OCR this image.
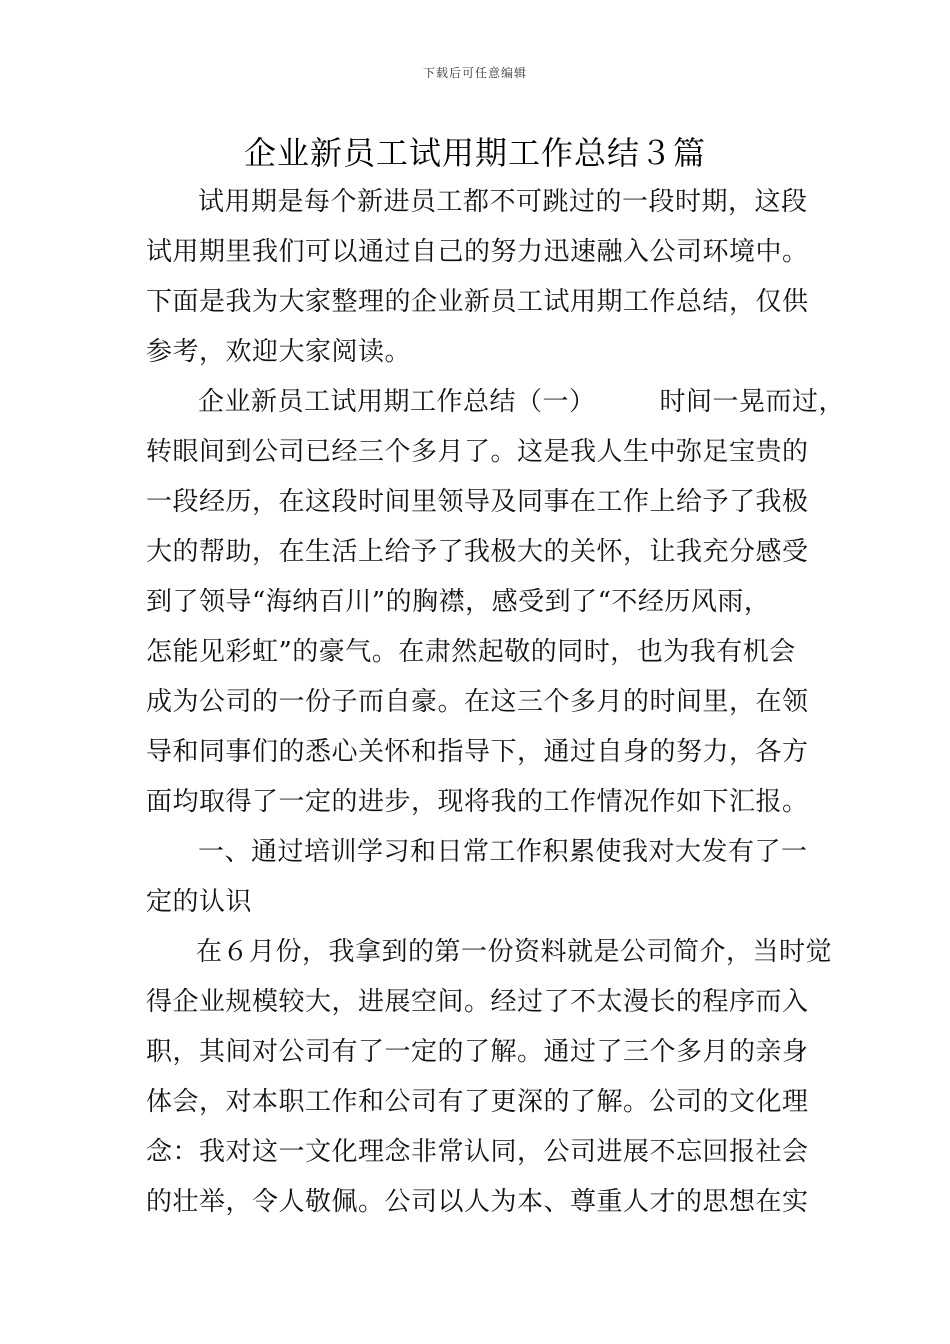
下载后可任意编辑
企业新员工试用期工作总结３篇
试用期是每个新进员工都不可跳过的一段时期，这段
试用期里我们可以通过自己的努力迅速融入公司环境中。
下面是我为大家整理的企业新员工试用期工作总结，仅供
参考，欢迎大家阅读。
企业新员工试用期工作总结（一） 时间一晃而过，
转眼间到公司已经三个多月了。这是我人生中弥足宝贵的
一段经历，在这段时间里领导及同事在工作上给予了我极
大的帮助，在生活上给予了我极大的关怀，让我充分感受
到了领导“海纳百川”的胸襟，感受到了“不经历风雨，
怎能见彩虹”的豪气。在肃然起敬的同时，也为我有机会
成为公司的一份子而自豪。在这三个多月的时间里，在领
导和同事们的悉心关怀和指导下，通过自身的努力，各方
面均取得了一定的进步，现将我的工作情况作如下汇报。
一、通过培训学习和日常工作积累使我对大发有了一
定的认识
在６月份，我拿到的第一份资料就是公司简介，当时觉
得企业规模较大，进展空间。经过了不太漫长的程序而入
职，其间对公司有了一定的了解。通过了三个多月的亲身
体会，对本职工作和公司有了更深的了解。公司的文化理
念：我对这一文化理念非常认同，公司进展不忘回报社会
的壮举，令人敬佩。公司以人为本、尊重人才的思想在实
